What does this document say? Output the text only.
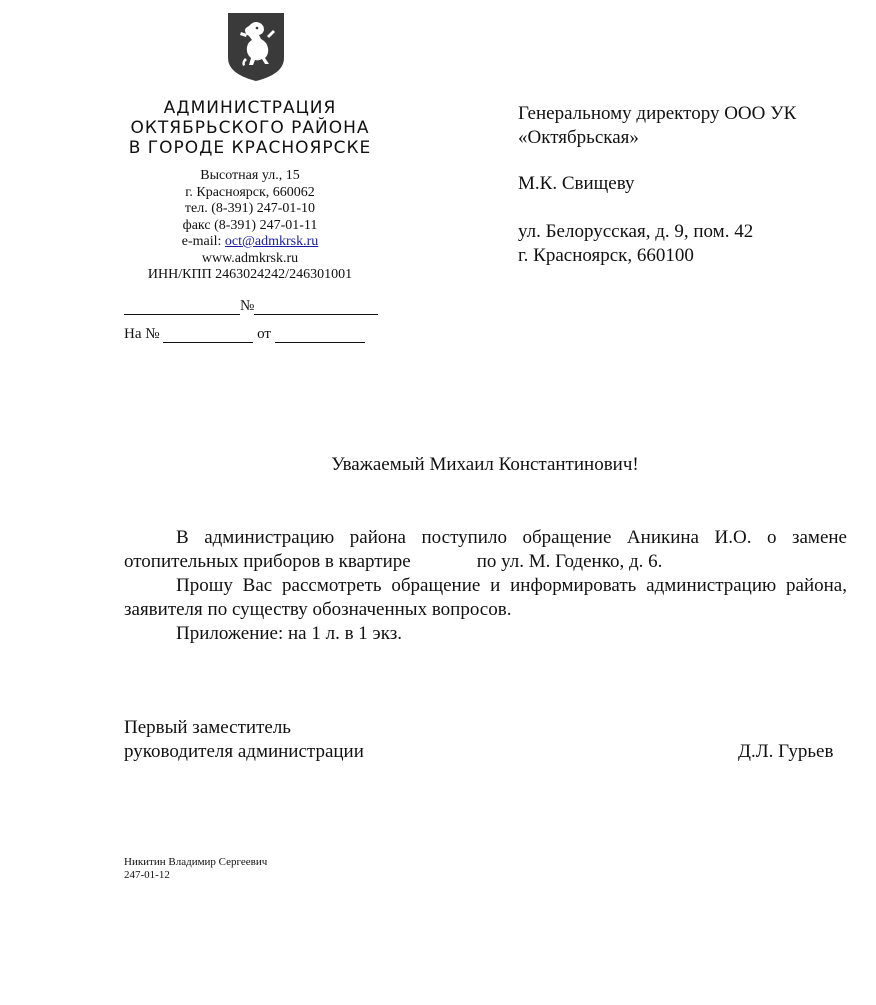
АДМИНИСТРАЦИЯ
ОКТЯБРЬСКОГО РАЙОНА
В ГОРОДЕ КРАСНОЯРСКЕ
Высотная ул., 15
г. Красноярск, 660062
тел. (8-391) 247-01-10
факс (8-391) 247-01-11
e-mail: oct@admkrsk.ru
www.admkrsk.ru
ИНН/КПП 2463024242/246301001
№
На №	от

Генеральному директору ООО УК

«Октябрьская»

М.К. Свищеву

ул. Белорусская, д. 9, пом. 42

г. Красноярск, 660100

Уважаемый Михаил Константинович!

В администрацию района поступило обращение Аникина И.О. о замене отопительных приборов в квартире	по ул. М. Годенко, д. 6.

Прошу Вас рассмотреть обращение и информировать администрацию района, заявителя по существу обозначенных вопросов.

Приложение: на 1 л. в 1 экз.

Первый заместитель
руководителя администрации	Д.Л. Гурьев
Никитин Владимир Сергеевич
247-01-12
